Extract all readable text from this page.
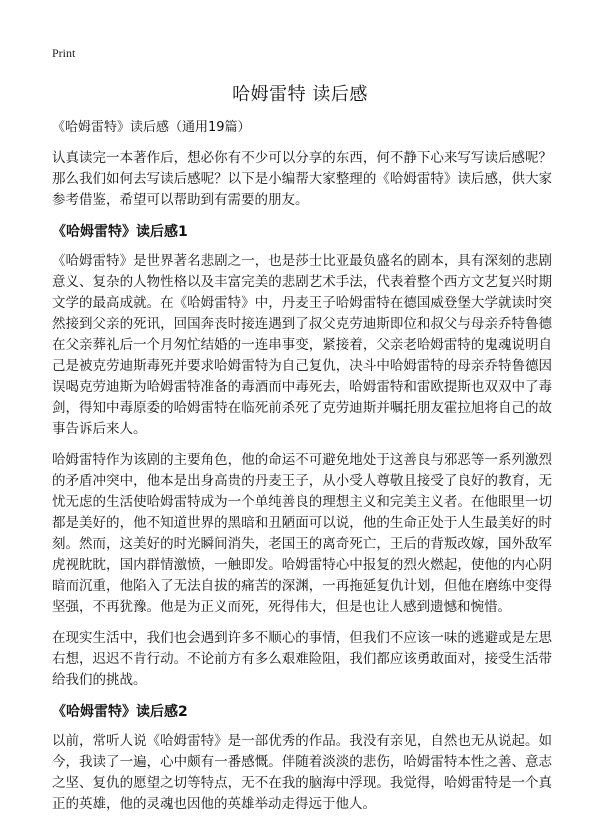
Print
哈姆雷特 读后感
《哈姆雷特》读后感（通用19篇）
认真读完一本著作后，想必你有不少可以分享的东西，何不静下心来写写读后感呢？那么我们如何去写读后感呢？以下是小编帮大家整理的《哈姆雷特》读后感，供大家参考借鉴，希望可以帮助到有需要的朋友。
《哈姆雷特》读后感1
《哈姆雷特》是世界著名悲剧之一，也是莎士比亚最负盛名的剧本，具有深刻的悲剧意义、复杂的人物性格以及丰富完美的悲剧艺术手法，代表着整个西方文艺复兴时期文学的最高成就。在《哈姆雷特》中，丹麦王子哈姆雷特在德国威登堡大学就读时突然接到父亲的死讯，回国奔丧时接连遇到了叔父克劳迪斯即位和叔父与母亲乔特鲁德在父亲葬礼后一个月匆忙结婚的一连串事变，紧接着，父亲老哈姆雷特的鬼魂说明自己是被克劳迪斯毒死并要求哈姆雷特为自己复仇，决斗中哈姆雷特的母亲乔特鲁德因误喝克劳迪斯为哈姆雷特准备的毒酒而中毒死去，哈姆雷特和雷欧提斯也双双中了毒剑，得知中毒原委的哈姆雷特在临死前杀死了克劳迪斯并嘱托朋友霍拉旭将自己的故事告诉后来人。
哈姆雷特作为该剧的主要角色，他的命运不可避免地处于这善良与邪恶等一系列激烈的矛盾冲突中，他本是出身高贵的丹麦王子，从小受人尊敬且接受了良好的教育，无忧无虑的生活使哈姆雷特成为一个单纯善良的理想主义和完美主义者。在他眼里一切都是美好的，他不知道世界的黑暗和丑陋面可以说，他的生命正处于人生最美好的时刻。然而，这美好的时光瞬间消失，老国王的离奇死亡，王后的背叛改嫁，国外敌军虎视眈眈，国内群情激愤，一触即发。哈姆雷特心中报复的烈火燃起，使他的内心阴暗而沉重，他陷入了无法自拔的痛苦的深渊，一再拖延复仇计划，但他在磨练中变得坚强，不再犹豫。他是为正义而死，死得伟大，但是也让人感到遗憾和惋惜。
在现实生活中，我们也会遇到许多不顺心的事情，但我们不应该一味的逃避或是左思右想，迟迟不肯行动。不论前方有多么艰难险阻，我们都应该勇敢面对，接受生活带给我们的挑战。
《哈姆雷特》读后感2
以前，常听人说《哈姆雷特》是一部优秀的作品。我没有亲见，自然也无从说起。如今，我读了一遍，心中颇有一番感慨。伴随着淡淡的悲伤，哈姆雷特本性之善、意志之坚、复仇的愿望之切等特点，无不在我的脑海中浮现。我觉得，哈姆雷特是一个真正的英雄，他的灵魂也因他的英雄举动走得远于他人。
